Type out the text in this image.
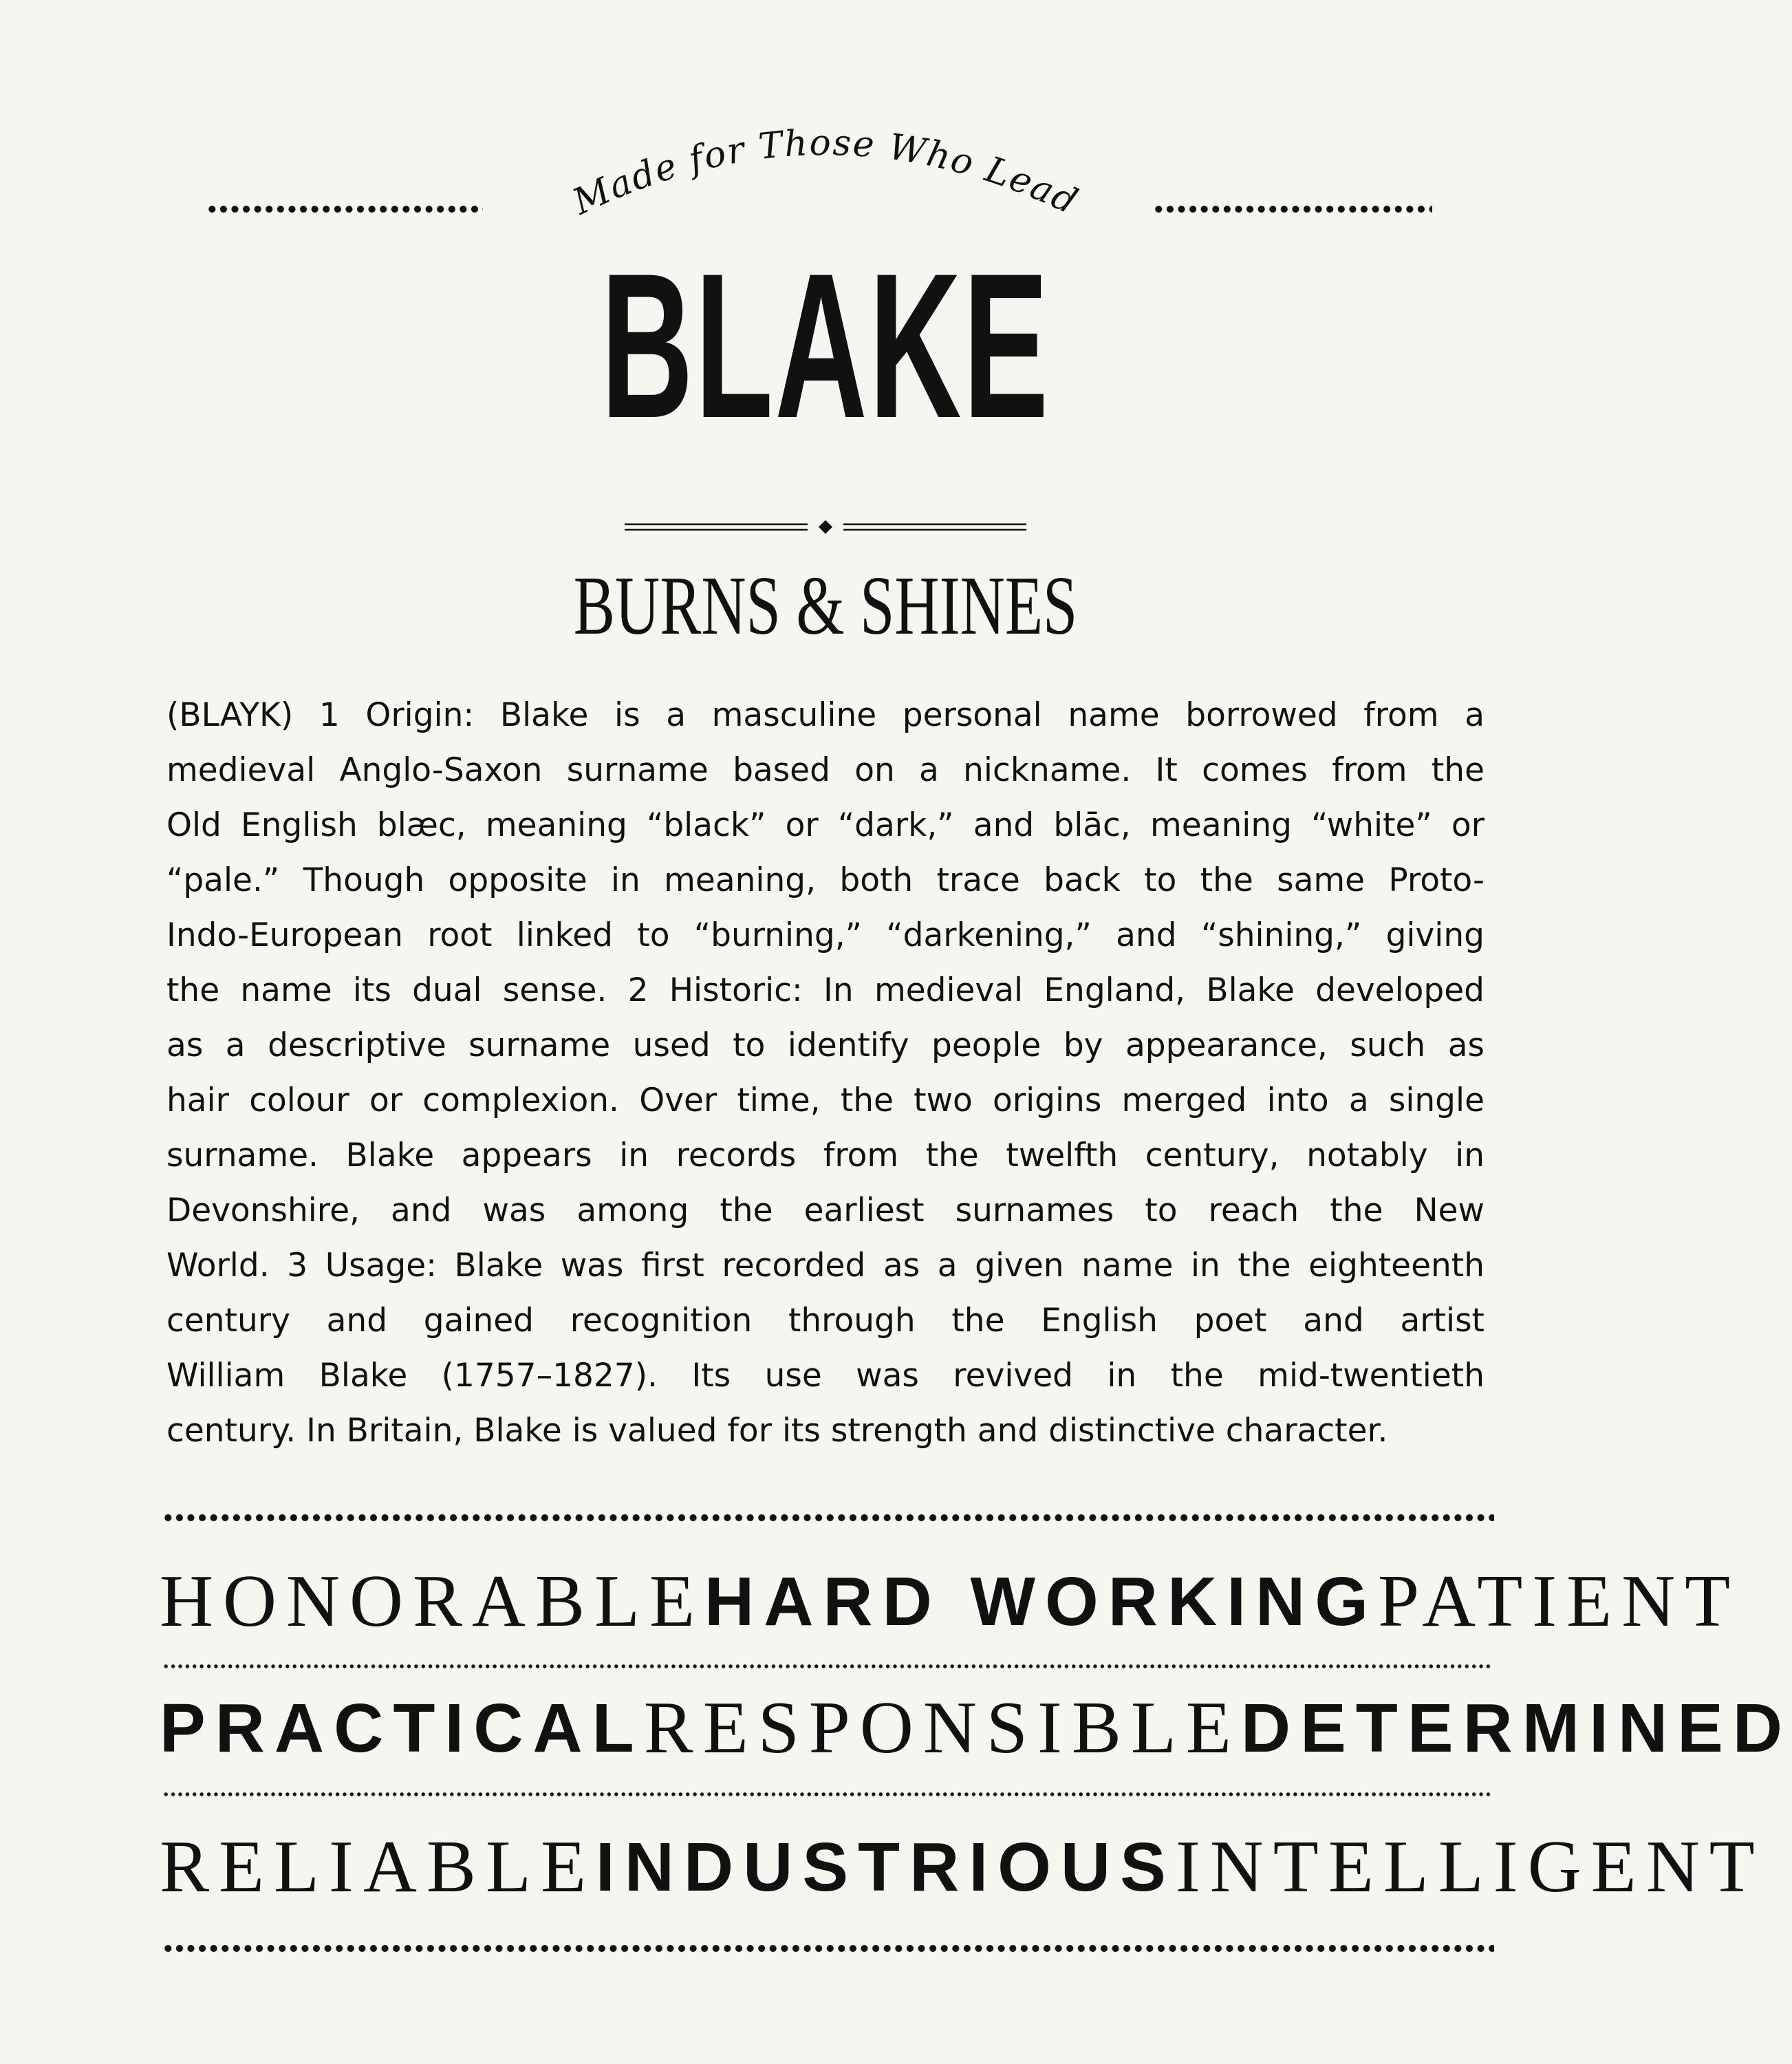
Made for Those Who Lead
BLAKE
BURNS & SHINES

(BLAYK) 1 Origin: Blake is a masculine personal name borrowed from a
medieval Anglo-Saxon surname based on a nickname. It comes from the
Old English blæc, meaning “black” or “dark,” and blāc, meaning “white” or
“pale.” Though opposite in meaning, both trace back to the same Proto-
Indo-European root linked to “burning,” “darkening,” and “shining,” giving
the name its dual sense. 2 Historic: In medieval England, Blake developed
as a descriptive surname used to identify people by appearance, such as
hair colour or complexion. Over time, the two origins merged into a single
surname. Blake appears in records from the twelfth century, notably in
Devonshire, and was among the earliest surnames to reach the New
World. 3 Usage: Blake was first recorded as a given name in the eighteenth
century and gained recognition through the English poet and artist
William Blake (1757–1827). Its use was revived in the mid-twentieth
century. In Britain, Blake is valued for its strength and distinctive character.

HONORABLE HARD WORKING PATIENT
PRACTICAL RESPONSIBLE DETERMINED
RELIABLE INDUSTRIOUS INTELLIGENT
